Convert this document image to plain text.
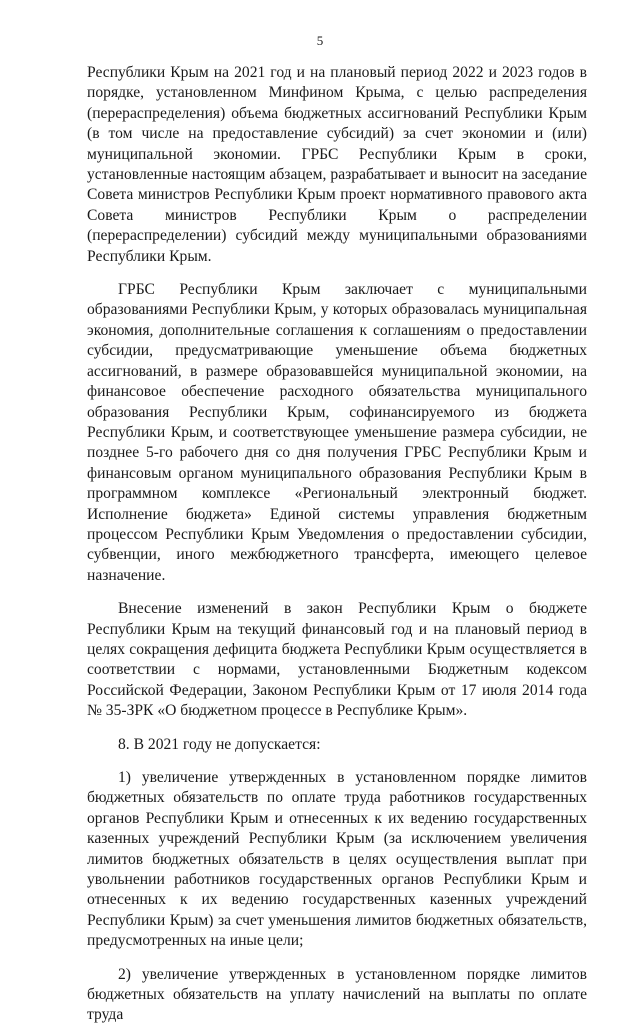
5

Республики Крым на 2021 год и на плановый период 2022 и 2023 годов в порядке, установленном Минфином Крыма, с целью распределения (перераспределения) объема бюджетных ассигнований Республики Крым (в том числе на предоставление субсидий) за счет экономии и (или) муниципальной экономии. ГРБС Республики Крым в сроки, установленные настоящим абзацем, разрабатывает и выносит на заседание Совета министров Республики Крым проект нормативного правового акта Совета министров Республики Крым о распределении (перераспределении) субсидий между муниципальными образованиями Республики Крым.

ГРБС Республики Крым заключает с муниципальными образованиями Республики Крым, у которых образовалась муниципальная экономия, дополнительные соглашения к соглашениям о предоставлении субсидии, предусматривающие уменьшение объема бюджетных ассигнований, в размере образовавшейся муниципальной экономии, на финансовое обеспечение расходного обязательства муниципального образования Республики Крым, софинансируемого из бюджета Республики Крым, и соответствующее уменьшение размера субсидии, не позднее 5-го рабочего дня со дня получения ГРБС Республики Крым и финансовым органом муниципального образования Республики Крым в программном комплексе «Региональный электронный бюджет. Исполнение бюджета» Единой системы управления бюджетным процессом Республики Крым Уведомления о предоставлении субсидии, субвенции, иного межбюджетного трансферта, имеющего целевое назначение.

Внесение изменений в закон Республики Крым о бюджете Республики Крым на текущий финансовый год и на плановый период в целях сокращения дефицита бюджета Республики Крым осуществляется в соответствии с нормами, установленными Бюджетным кодексом Российской Федерации, Законом Республики Крым от 17 июля 2014 года № 35-ЗРК «О бюджетном процессе в Республике Крым».

8. В 2021 году не допускается:

1) увеличение утвержденных в установленном порядке лимитов бюджетных обязательств по оплате труда работников государственных органов Республики Крым и отнесенных к их ведению государственных казенных учреждений Республики Крым (за исключением увеличения лимитов бюджетных обязательств в целях осуществления выплат при увольнении работников государственных органов Республики Крым и отнесенных к их ведению государственных казенных учреждений Республики Крым) за счет уменьшения лимитов бюджетных обязательств, предусмотренных на иные цели;

2) увеличение утвержденных в установленном порядке лимитов бюджетных обязательств на уплату начислений на выплаты по оплате труда
